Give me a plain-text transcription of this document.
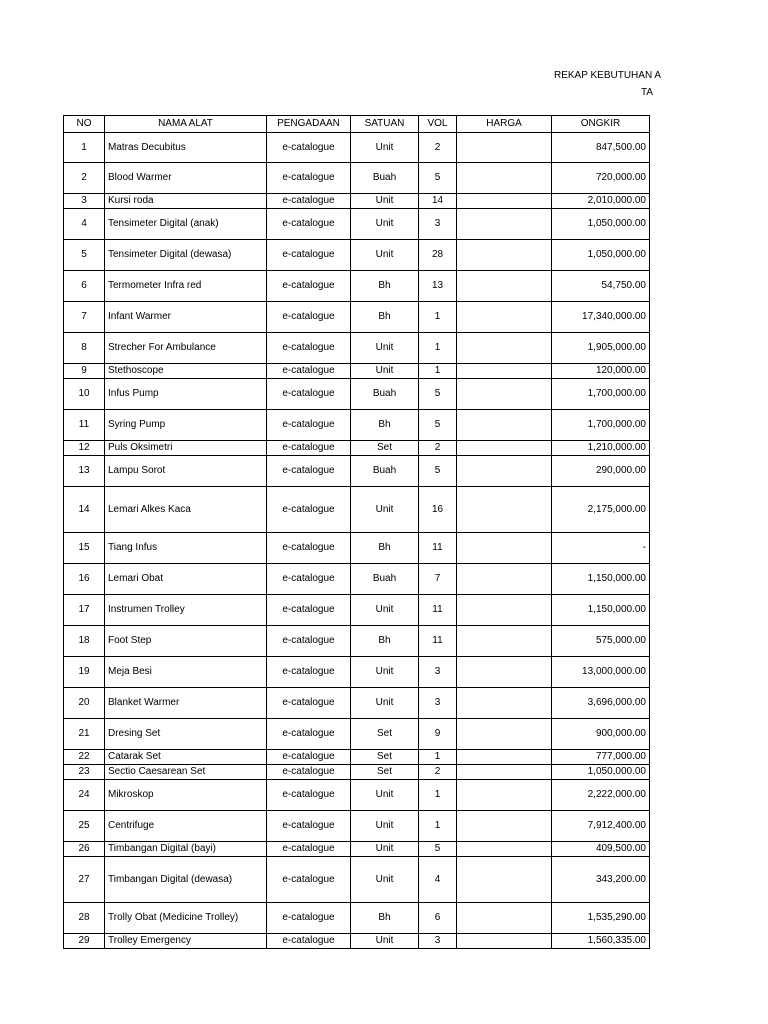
REKAP KEBUTUHAN A
TA
NO	NAMA ALAT	PENGADAAN	SATUAN	VOL	HARGA	ONGKIR
1	Matras Decubitus	e-catalogue	Unit	2		847,500.00
2	Blood Warmer	e-catalogue	Buah	5		720,000.00
3	Kursi roda	e-catalogue	Unit	14		2,010,000.00
4	Tensimeter Digital (anak)	e-catalogue	Unit	3		1,050,000.00
5	Tensimeter Digital (dewasa)	e-catalogue	Unit	28		1,050,000.00
6	Termometer Infra red	e-catalogue	Bh	13		54,750.00
7	Infant Warmer	e-catalogue	Bh	1		17,340,000.00
8	Strecher For Ambulance	e-catalogue	Unit	1		1,905,000.00
9	Stethoscope	e-catalogue	Unit	1		120,000.00
10	Infus Pump	e-catalogue	Buah	5		1,700,000.00
11	Syring Pump	e-catalogue	Bh	5		1,700,000.00
12	Puls Oksimetri	e-catalogue	Set	2		1,210,000.00
13	Lampu Sorot	e-catalogue	Buah	5		290,000.00
14	Lemari Alkes Kaca	e-catalogue	Unit	16		2,175,000.00
15	Tiang Infus	e-catalogue	Bh	11		-
16	Lemari Obat	e-catalogue	Buah	7		1,150,000.00
17	Instrumen Trolley	e-catalogue	Unit	11		1,150,000.00
18	Foot Step	e-catalogue	Bh	11		575,000.00
19	Meja Besi	e-catalogue	Unit	3		13,000,000.00
20	Blanket Warmer	e-catalogue	Unit	3		3,696,000.00
21	Dresing Set	e-catalogue	Set	9		900,000.00
22	Catarak Set	e-catalogue	Set	1		777,000.00
23	Sectio Caesarean Set	e-catalogue	Set	2		1,050,000.00
24	Mikroskop	e-catalogue	Unit	1		2,222,000.00
25	Centrifuge	e-catalogue	Unit	1		7,912,400.00
26	Timbangan Digital (bayi)	e-catalogue	Unit	5		409,500.00
27	Timbangan Digital (dewasa)	e-catalogue	Unit	4		343,200.00
28	Trolly Obat (Medicine Trolley)	e-catalogue	Bh	6		1,535,290.00
29	Trolley Emergency	e-catalogue	Unit	3		1,560,335.00
